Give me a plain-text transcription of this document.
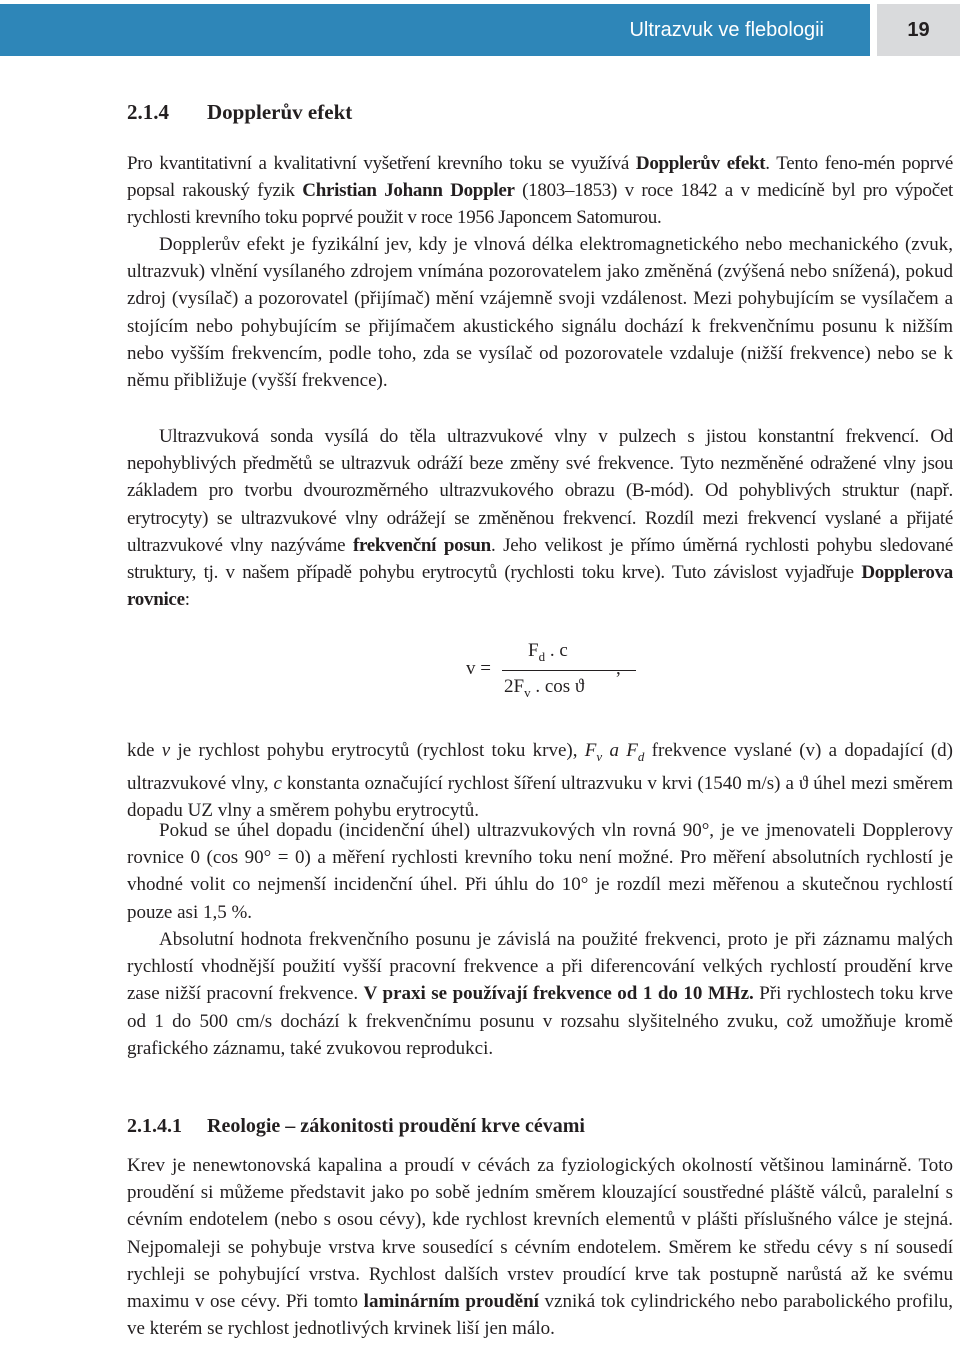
Ultrazvuk ve flebologii	19
2.1.4 Dopplerův efekt

Pro kvantitativní a kvalitativní vyšetření krevního toku se využívá Dopplerův efekt. Tento feno-mén poprvé popsal rakouský fyzik Christian Johann Doppler (1803–1853) v roce 1842 a v medicíně byl pro výpočet rychlosti krevního toku poprvé použit v roce 1956 Japoncem Satomurou.

Dopplerův efekt je fyzikální jev, kdy je vlnová délka elektromagnetického nebo mechanického (zvuk, ultrazvuk) vlnění vysílaného zdrojem vnímána pozorovatelem jako změněná (zvýšená nebo snížená), pokud zdroj (vysílač) a pozorovatel (přijímač) mění vzájemně svoji vzdálenost. Mezi pohybujícím se vysílačem a stojícím nebo pohybujícím se přijímačem akustického signálu dochází k frekvenčnímu posunu k nižším nebo vyšším frekvencím, podle toho, zda se vysílač od pozorovatele vzdaluje (nižší frekvence) nebo se k němu přibližuje (vyšší frekvence).

Ultrazvuková sonda vysílá do těla ultrazvukové vlny v pulzech s jistou konstantní frekvencí. Od nepohyblivých předmětů se ultrazvuk odráží beze změny své frekvence. Tyto nezměněné odražené vlny jsou základem pro tvorbu dvourozměrného ultrazvukového obrazu (B-mód). Od pohyblivých struktur (např. erytrocyty) se ultrazvukové vlny odrážejí se změněnou frekvencí. Rozdíl mezi frekvencí vyslané a přijaté ultrazvukové vlny nazýváme frekvenční posun. Jeho velikost je přímo úměrná rychlosti pohybu sledované struktury, tj. v našem případě pohybu erytrocytů (rychlosti toku krve). Tuto závislost vyjadřuje Dopplerova rovnice:

v =
$F_d$ . c
$2F_v$ . cos ϑ
,

kde v je rychlost pohybu erytrocytů (rychlost toku krve), $F_v$ a $F_d$ frekvence vyslané (v) a dopadající (d) ultrazvukové vlny, c konstanta označující rychlost šíření ultrazvuku v krvi (1540 m/s) a ϑ úhel mezi směrem dopadu UZ vlny a směrem pohybu erytrocytů.

Pokud se úhel dopadu (incidenční úhel) ultrazvukových vln rovná 90°, je ve jmenovateli Dopplerovy rovnice 0 (cos 90° = 0) a měření rychlosti krevního toku není možné. Pro měření absolutních rychlostí je vhodné volit co nejmenší incidenční úhel. Při úhlu do 10° je rozdíl mezi měřenou a skutečnou rychlostí pouze asi 1,5 %.

Absolutní hodnota frekvenčního posunu je závislá na použité frekvenci, proto je při záznamu malých rychlostí vhodnější použití vyšší pracovní frekvence a při diferencování velkých rychlostí proudění krve zase nižší pracovní frekvence. V praxi se používají frekvence od 1 do 10 MHz. Při rychlostech toku krve od 1 do 500 cm/s dochází k frekvenčnímu posunu v rozsahu slyšitelného zvuku, což umožňuje kromě grafického záznamu, také zvukovou reprodukci.

2.1.4.1 Reologie – zákonitosti proudění krve cévami

Krev je nenewtonovská kapalina a proudí v cévách za fyziologických okolností většinou laminárně. Toto proudění si můžeme představit jako po sobě jedním směrem klouzající soustředné pláště válců, paralelní s cévním endotelem (nebo s osou cévy), kde rychlost krevních elementů v plášti příslušného válce je stejná. Nejpomaleji se pohybuje vrstva krve sousedící s cévním endotelem. Směrem ke středu cévy s ní sousedí rychleji se pohybující vrstva. Rychlost dalších vrstev proudící krve tak postupně narůstá až ke svému maximu v ose cévy. Při tomto laminárním proudění vzniká tok cylindrického nebo parabolického profilu, ve kterém se rychlost jednotlivých krvinek liší jen málo.
